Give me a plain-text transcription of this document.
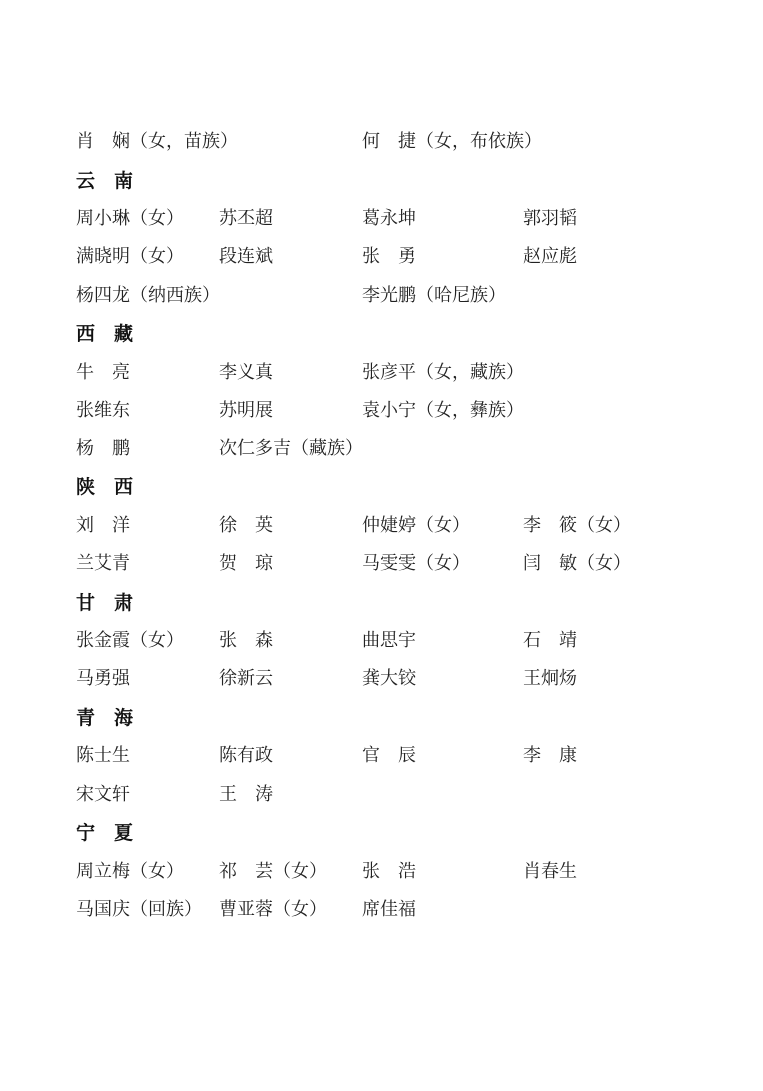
肖　娴（女，苗族）	何　捷（女，布依族）
云　南
周小琳（女） 苏丕超	葛永坤	郭羽韬
满晓明（女） 段连斌	张　勇	赵应彪
杨四龙（纳西族）	李光鹏（哈尼族）
西　藏
牛　亮	李义真	张彦平（女，藏族）
张维东	苏明展	袁小宁（女，彝族）
杨　鹏	次仁多吉（藏族）
陕　西
刘　洋	徐　英	仲婕婷（女）	李　筱（女）
兰艾青	贺　琼	马雯雯（女）	闫　敏（女）
甘　肃
张金霞（女） 张　森	曲思宇	石　靖
马勇强	徐新云	龚大铰	王炯炀
青　海
陈士生	陈有政	官　辰	李　康
宋文轩	王　涛
宁　夏
周立梅（女） 祁　芸（女） 张　浩	肖春生
马国庆（回族） 曹亚蓉（女） 席佳福
